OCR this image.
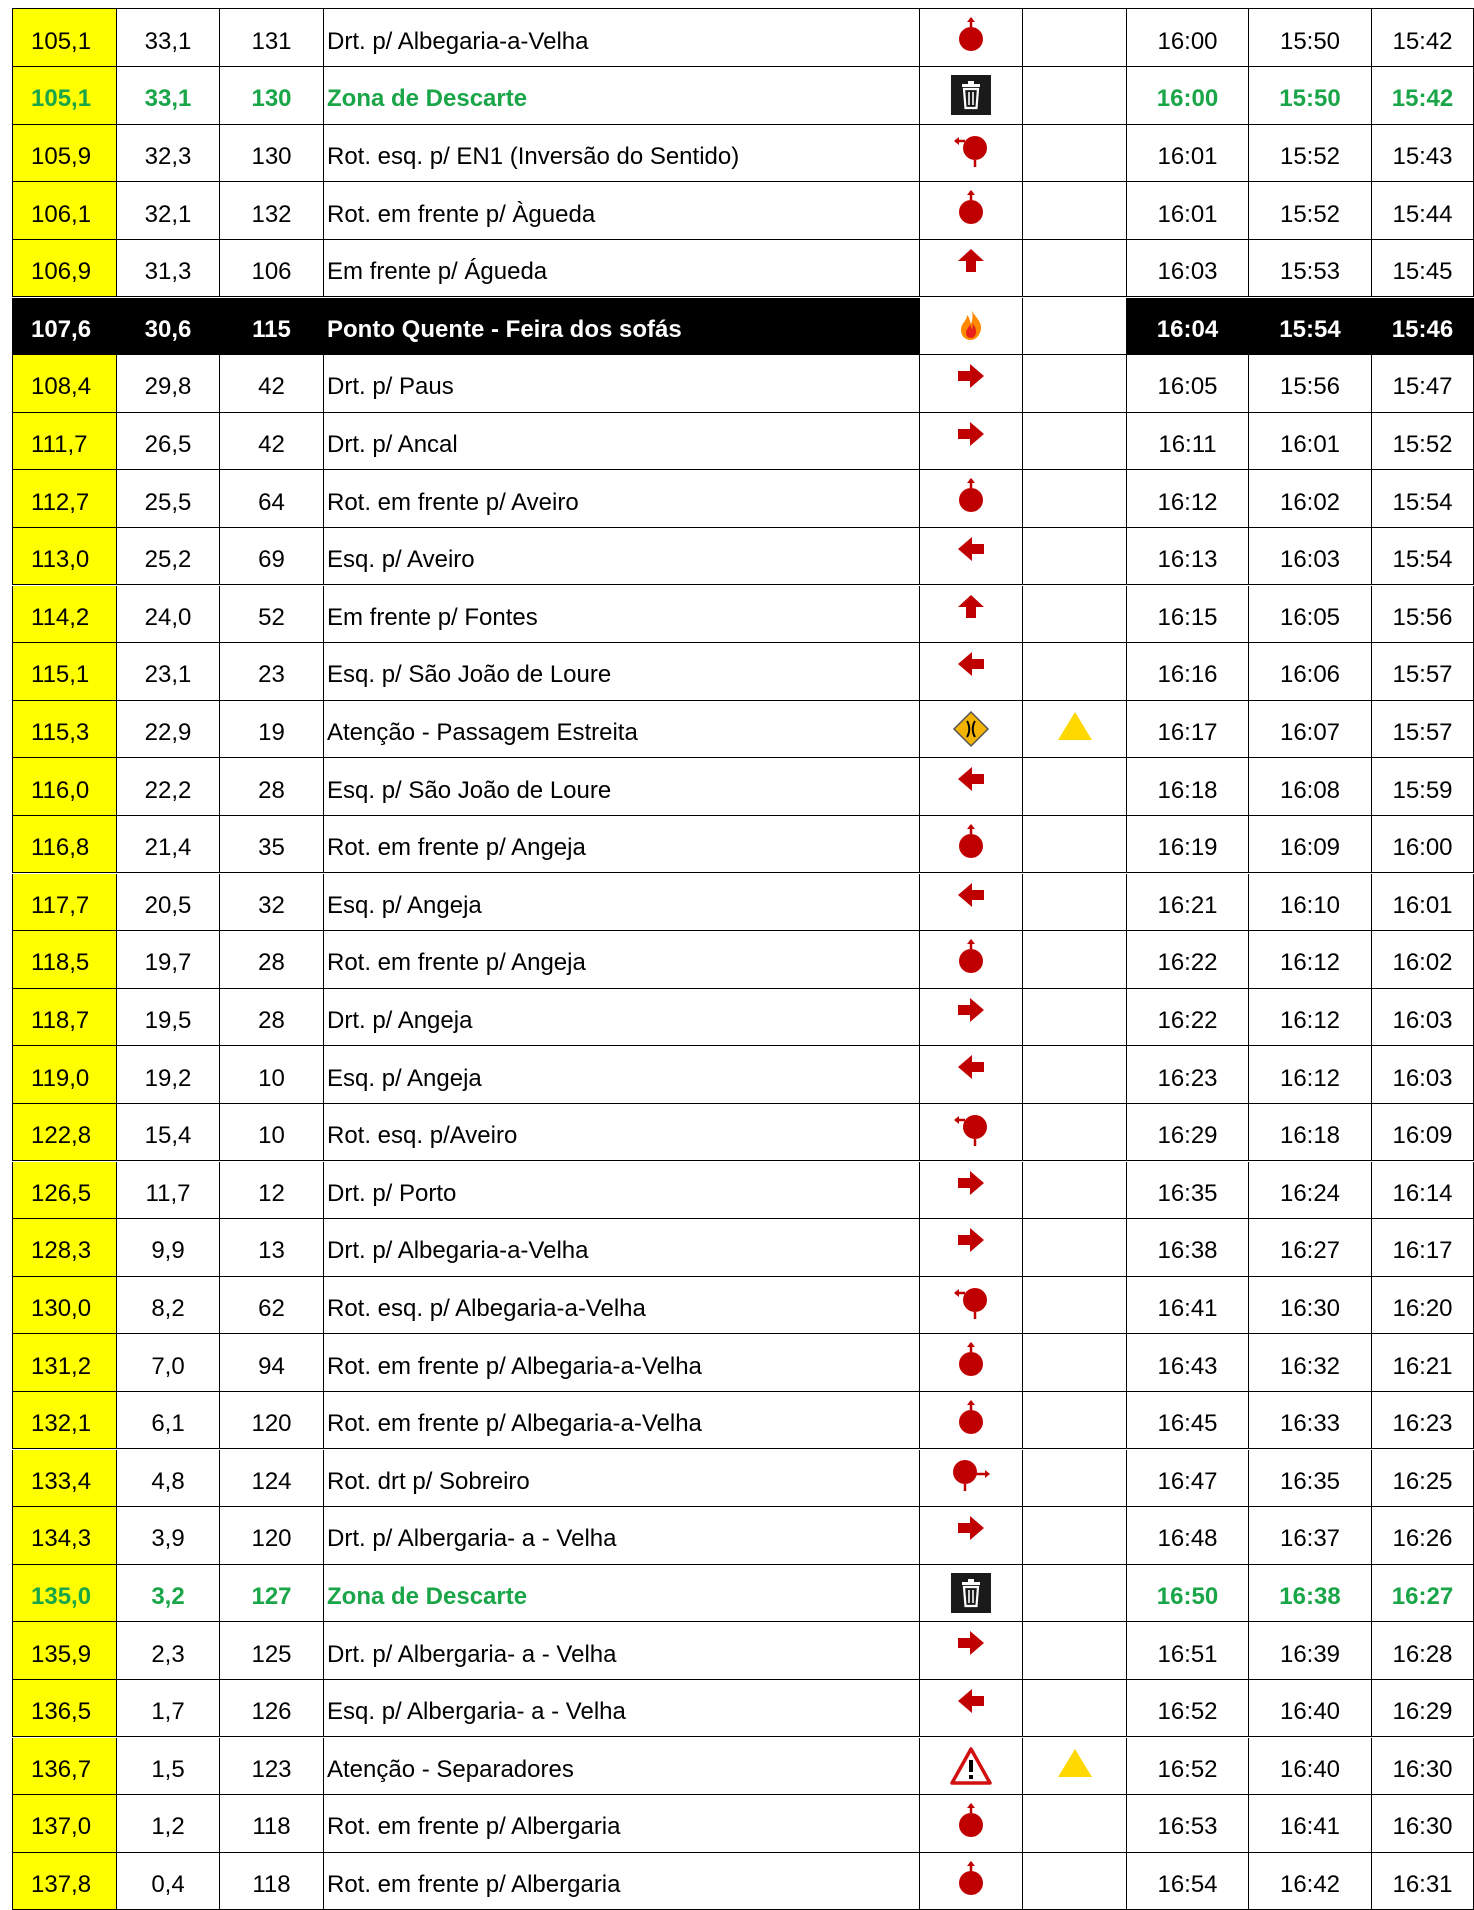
105,1 33,1	131 Drt. p/ Albegaria-a-Velha	16:00	15:50 15:42
105,1 33,1	130 Zona de Descarte	16:00	15:50 15:42
105,9 32,3	130 Rot. esq. p/ EN1 (Inversão do Sentido)	16:01	15:52 15:43
106,1 32,1	132 Rot. em frente p/ Àgueda	16:01	15:52 15:44
106,9 31,3	106 Em frente p/ Águeda	16:03	15:53 15:45
107,6 30,6	115 Ponto Quente - Feira dos sofás	16:04	15:54 15:46
108,4 29,8	42 Drt. p/ Paus	16:05	15:56 15:47
111,7 26,5	42 Drt. p/ Ancal	16:11	16:01 15:52
112,7 25,5	64 Rot. em frente p/ Aveiro	16:12	16:02 15:54
113,0 25,2	69 Esq. p/ Aveiro	16:13	16:03 15:54
114,2 24,0	52 Em frente p/ Fontes	16:15	16:05 15:56
115,1 23,1	23 Esq. p/ São João de Loure	16:16	16:06 15:57
115,3 22,9	19 Atenção - Passagem Estreita	16:17	16:07 15:57
116,0 22,2	28 Esq. p/ São João de Loure	16:18	16:08 15:59
116,8 21,4	35 Rot. em frente p/ Angeja	16:19	16:09 16:00
117,7 20,5	32 Esq. p/ Angeja	16:21	16:10 16:01
118,5 19,7	28 Rot. em frente p/ Angeja	16:22	16:12 16:02
118,7 19,5	28 Drt. p/ Angeja	16:22	16:12 16:03
119,0 19,2	10 Esq. p/ Angeja	16:23	16:12 16:03
122,8 15,4	10 Rot. esq. p/Aveiro	16:29	16:18 16:09
126,5 11,7	12 Drt. p/ Porto	16:35	16:24 16:14
128,3	9,9	13 Drt. p/ Albegaria-a-Velha	16:38	16:27 16:17
130,0	8,2	62 Rot. esq. p/ Albegaria-a-Velha	16:41	16:30 16:20
131,2	7,0	94 Rot. em frente p/ Albegaria-a-Velha	16:43	16:32 16:21
132,1	6,1	120 Rot. em frente p/ Albegaria-a-Velha	16:45	16:33 16:23
133,4	4,8	124 Rot. drt p/ Sobreiro	16:47	16:35 16:25
134,3	3,9	120 Drt. p/ Albergaria- a - Velha	16:48	16:37 16:26
135,0	3,2	127 Zona de Descarte	16:50	16:38 16:27
135,9	2,3	125 Drt. p/ Albergaria- a - Velha	16:51	16:39 16:28
136,5	1,7	126 Esq. p/ Albergaria- a - Velha	16:52	16:40 16:29
136,7	1,5	123 Atenção - Separadores	16:52	16:40 16:30
137,0	1,2	118 Rot. em frente p/ Albergaria	16:53	16:41 16:30
137,8	0,4	118 Rot. em frente p/ Albergaria	16:54	16:42 16:31
